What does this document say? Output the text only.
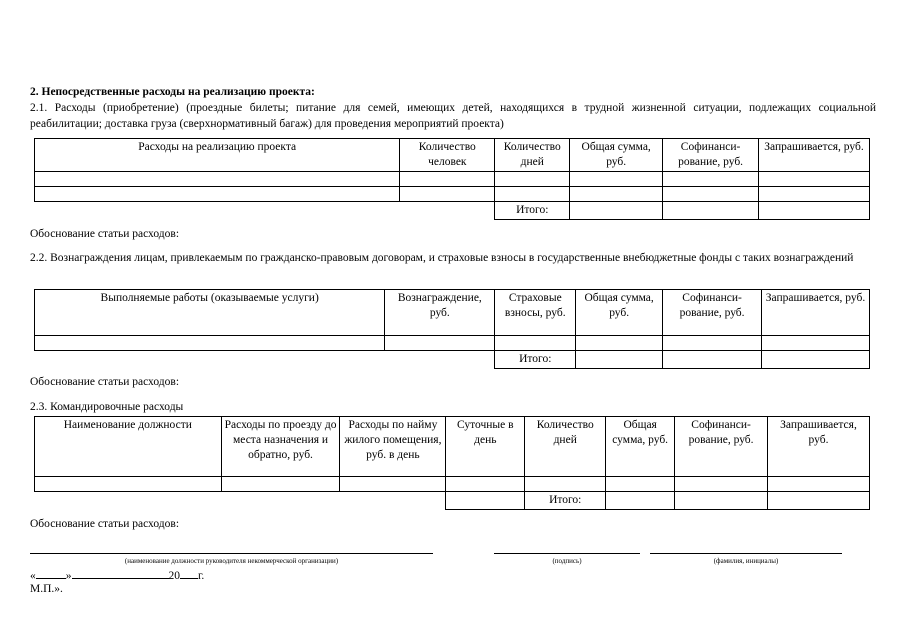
2. Непосредственные расходы на реализацию проекта:
2.1. Расходы (приобретение) (проездные билеты; питание для семей, имеющих детей, находящихся в трудной жизненной ситуации, подлежащих социальной реабилитации; доставка груза (сверхнормативный багаж) для проведения мероприятий проекта)
Расходы на реализацию проекта	Количество человек	Количество дней	Общая сумма, руб.	Софинанси-рование, руб.	Запрашивается, руб.

		Итого:			
Обоснование статьи расходов:
2.2. Вознаграждения лицам, привлекаемым по гражданско-правовым договорам, и страховые взносы в государственные внебюджетные фонды с таких вознаграждений
Выполняемые работы (оказываемые услуги)	Вознаграждение, руб.	Страховые взносы, руб.	Общая сумма, руб.	Софинанси-рование, руб.	Запрашивается, руб.

		Итого:			
Обоснование статьи расходов:
2.3. Командировочные расходы
Наименование должности	Расходы по проезду до места назначения и обратно, руб.	Расходы по найму жилого помещения, руб. в день	Суточные в день	Количество дней	Общая сумма, руб.	Софинанси-рование, руб.	Запрашивается, руб.

				Итого:			
Обоснование статьи расходов:
(наименование должности руководителя некоммерческой организации)	(подпись)	(фамилия, инициалы)
«	»	20 г.
М.П.».
